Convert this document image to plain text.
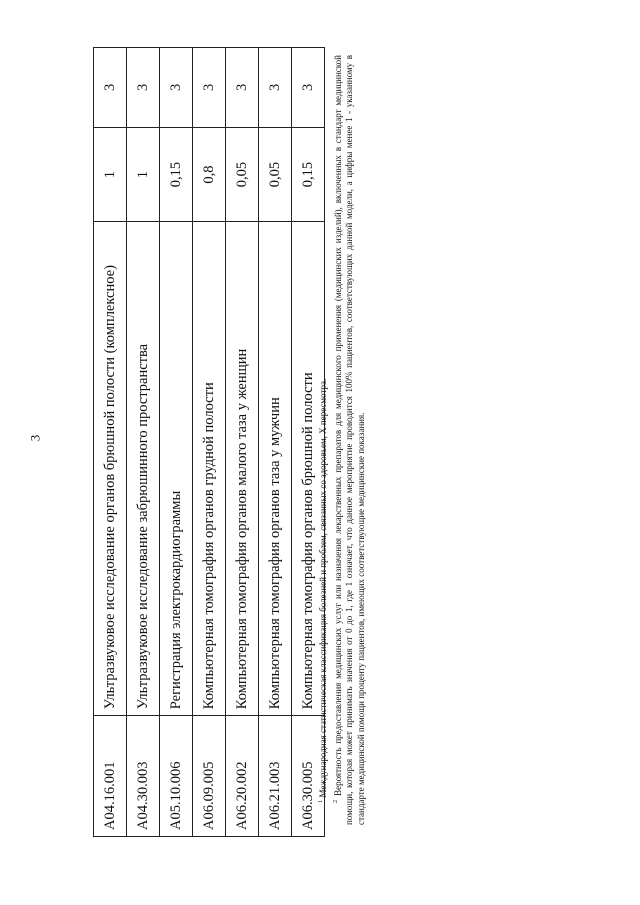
3
A04.16.001	Ультразвуковое исследование органов брюшной полости (комплексное)	1	3
A04.30.003	Ультразвуковое исследование забрюшинного пространства	1	3
A05.10.006	Регистрация электрокардиограммы	0,15	3
A06.09.005	Компьютерная томография органов грудной полости	0,8	3
A06.20.002	Компьютерная томография органов малого таза у женщин	0,05	3
A06.21.003	Компьютерная томография органов таза у мужчин	0,05	3
A06.30.005	Компьютерная томография органов брюшной полости	0,15	3

$^1$ Международная статистическая классификация болезней и проблем, связанных со здоровьем, X пересмотра.

$^2$ Вероятность предоставления медицинских услуг или назначения лекарственных препаратов для медицинского применения (медицинских изделий), включенных в стандарт медицинской помощи, которая может принимать значения от 0 до 1, где 1 означает, что данное мероприятие проводится 100% пациентов, соответствующих данной модели, а цифры менее 1 - указанному в стандарте медицинской помощи проценту пациентов, имеющих соответствующие медицинские показания.
